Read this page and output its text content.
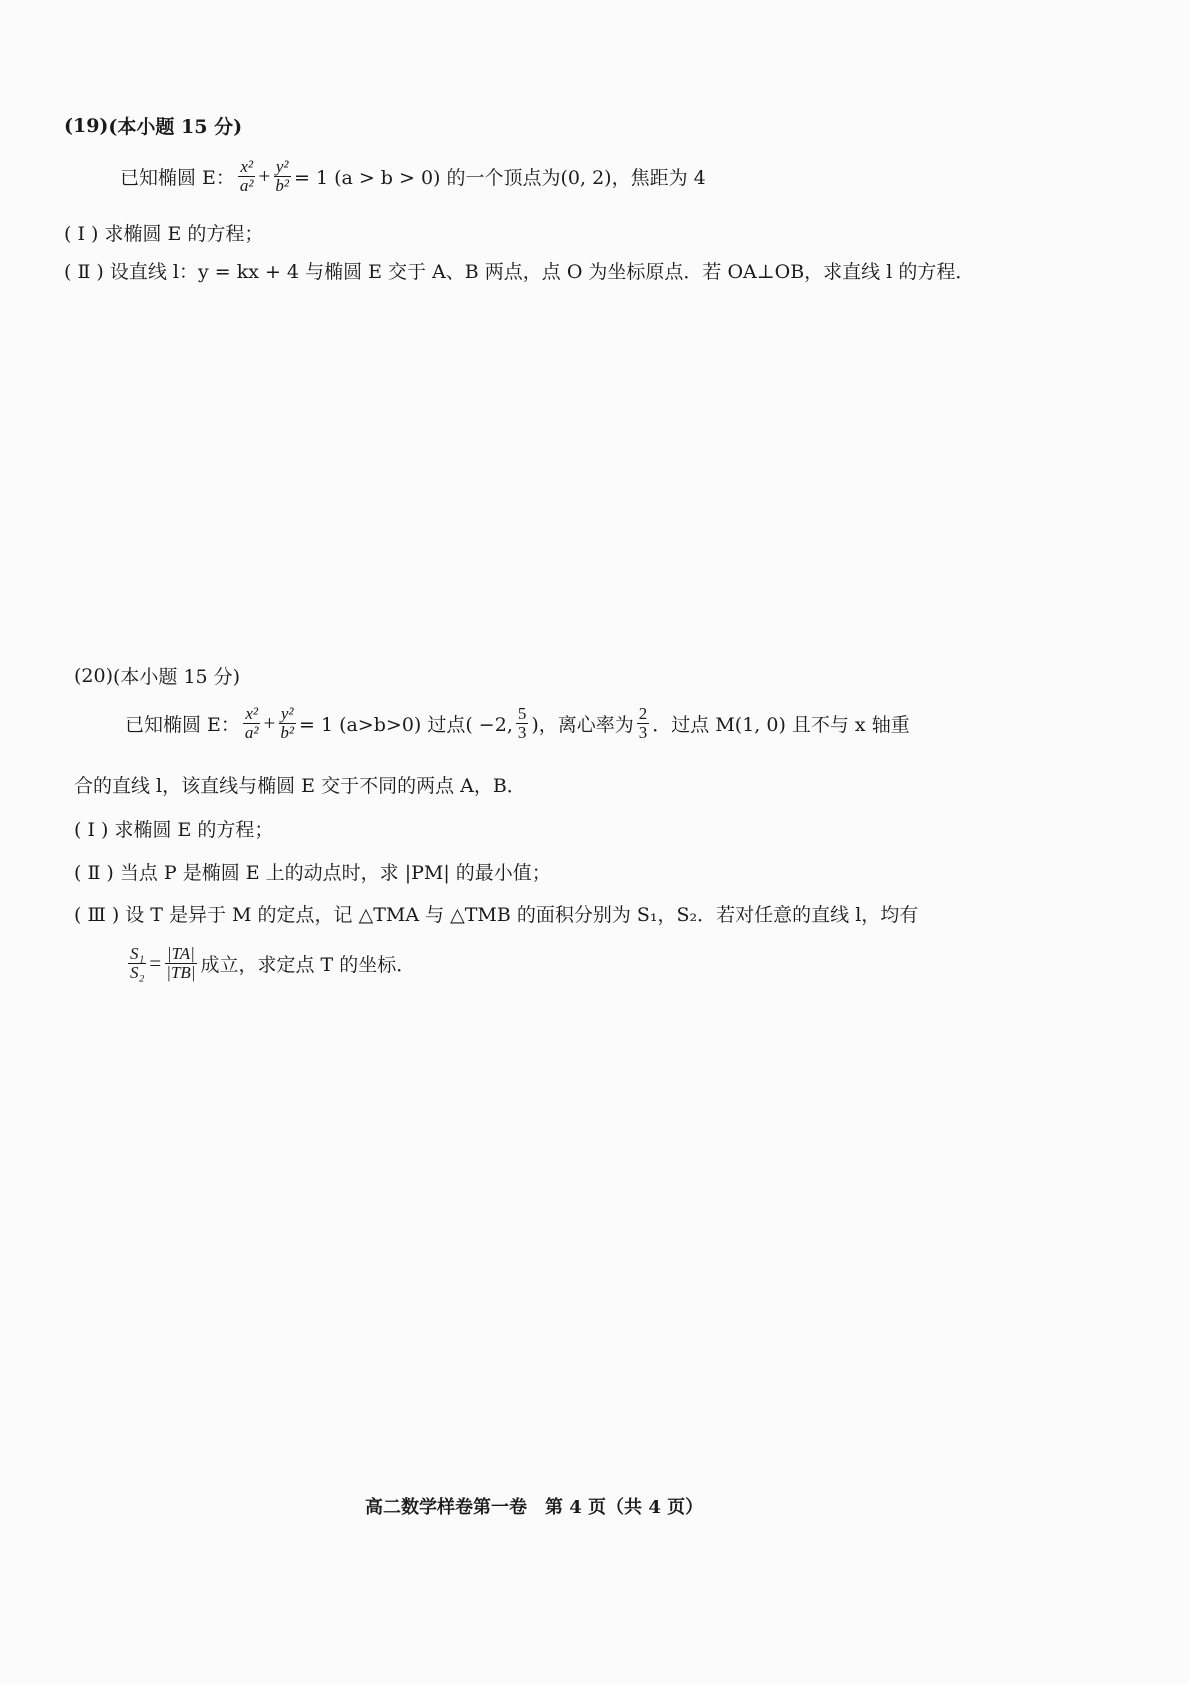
(19) (本小题 15 分)
已知椭圆 E： $\frac{\text{x²}}{\text{a²}} + \frac{\text{y²}}{\text{b²}} = 1$ (a > b > 0) 的一个顶点为(0, 2)，焦距为 4
( Ⅰ ) 求椭圆 E 的方程；
( Ⅱ ) 设直线 l：y = kx + 4 与椭圆 E 交于 A、B 两点，点 O 为坐标原点．若 OA⊥OB，求直线 l 的方程．
(20) (本小题 15 分)
已知椭圆 E： $\frac{\text{x²}}{\text{a²}} + \frac{\text{y²}}{\text{b²}} = 1$ (a>b>0) 过点( −2, $\frac{5}{3}$ )，离心率为 $\frac{2}{3}$ ．过点 M(1, 0) 且不与 x 轴重
合的直线 l，该直线与椭圆 E 交于不同的两点 A，B．
( Ⅰ ) 求椭圆 E 的方程；
( Ⅱ ) 当点 P 是椭圆 E 上的动点时，求 |PM| 的最小值；
( Ⅲ ) 设 T 是异于 M 的定点，记 △TMA 与 △TMB 的面积分别为 S₁，S₂．若对任意的直线 l，均有
$\frac{\text{S₁}}{\text{S₂}} = \frac{|TA|}{|TB|}$ 成立，求定点 T 的坐标．
高二数学样卷第一卷　第 4 页（共 4 页）
